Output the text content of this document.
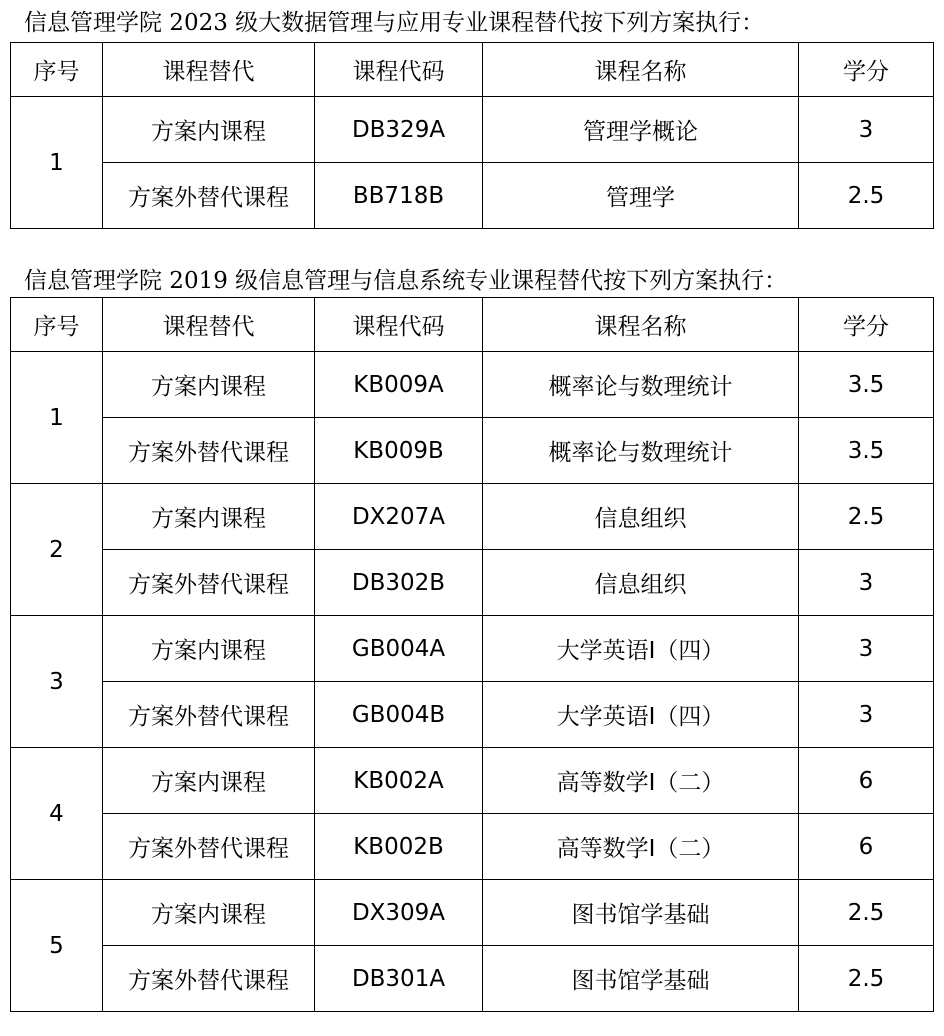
信息管理学院 2023 级大数据管理与应用专业课程替代按下列方案执行：
序号	课程替代	课程代码	课程名称	学分
1	方案内课程	DB329A	管理学概论	3
	方案外替代课程	BB718B	管理学	2.5
信息管理学院 2019 级信息管理与信息系统专业课程替代按下列方案执行：
序号	课程替代	课程代码	课程名称	学分
1	方案内课程	KB009A	概率论与数理统计	3.5
	方案外替代课程	KB009B	概率论与数理统计	3.5
2	方案内课程	DX207A	信息组织	2.5
	方案外替代课程	DB302B	信息组织	3
3	方案内课程	GB004A	大学英语Ⅰ（四）	3
	方案外替代课程	GB004B	大学英语Ⅰ（四）	3
4	方案内课程	KB002A	高等数学Ⅰ（二）	6
	方案外替代课程	KB002B	高等数学Ⅰ（二）	6
5	方案内课程	DX309A	图书馆学基础	2.5
	方案外替代课程	DB301A	图书馆学基础	2.5
